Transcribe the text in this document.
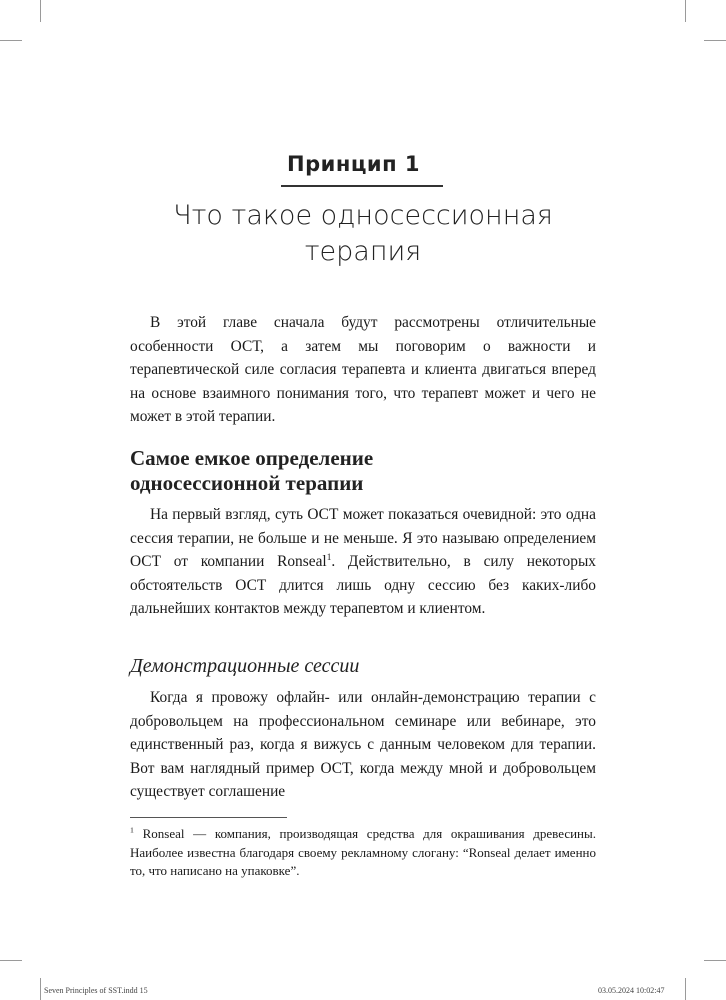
Принцип 1
Что такое односессионная
терапия

В этой главе сначала будут рассмотрены отличительные особенности ОСТ, а затем мы поговорим о важности и терапевтической силе согласия терапевта и клиента двигаться вперед на основе взаимного понимания того, что терапевт может и чего не может в этой терапии.

Самое емкое определение
односессионной терапии

На первый взгляд, суть ОСТ может показаться очевидной: это одна сессия терапии, не больше и не меньше. Я это называю определением ОСТ от компании Ronseal$^1$. Действительно, в силу некоторых обстоятельств ОСТ длится лишь одну сессию без каких-либо дальнейших контактов между терапевтом и клиентом.

Демонстрационные сессии

Когда я провожу офлайн- или онлайн-демонстрацию терапии с добровольцем на профессиональном семинаре или вебинаре, это единственный раз, когда я вижусь с данным человеком для терапии. Вот вам наглядный пример ОСТ, когда между мной и добровольцем существует соглашение

$^1$ Ronseal — компания, производящая средства для окрашивания древесины. Наиболее известна благодаря своему рекламному слогану: “Ronseal делает именно то, что написано на упаковке”.

Seven Principles of SST.indd 15	03.05.2024 10:02:47
